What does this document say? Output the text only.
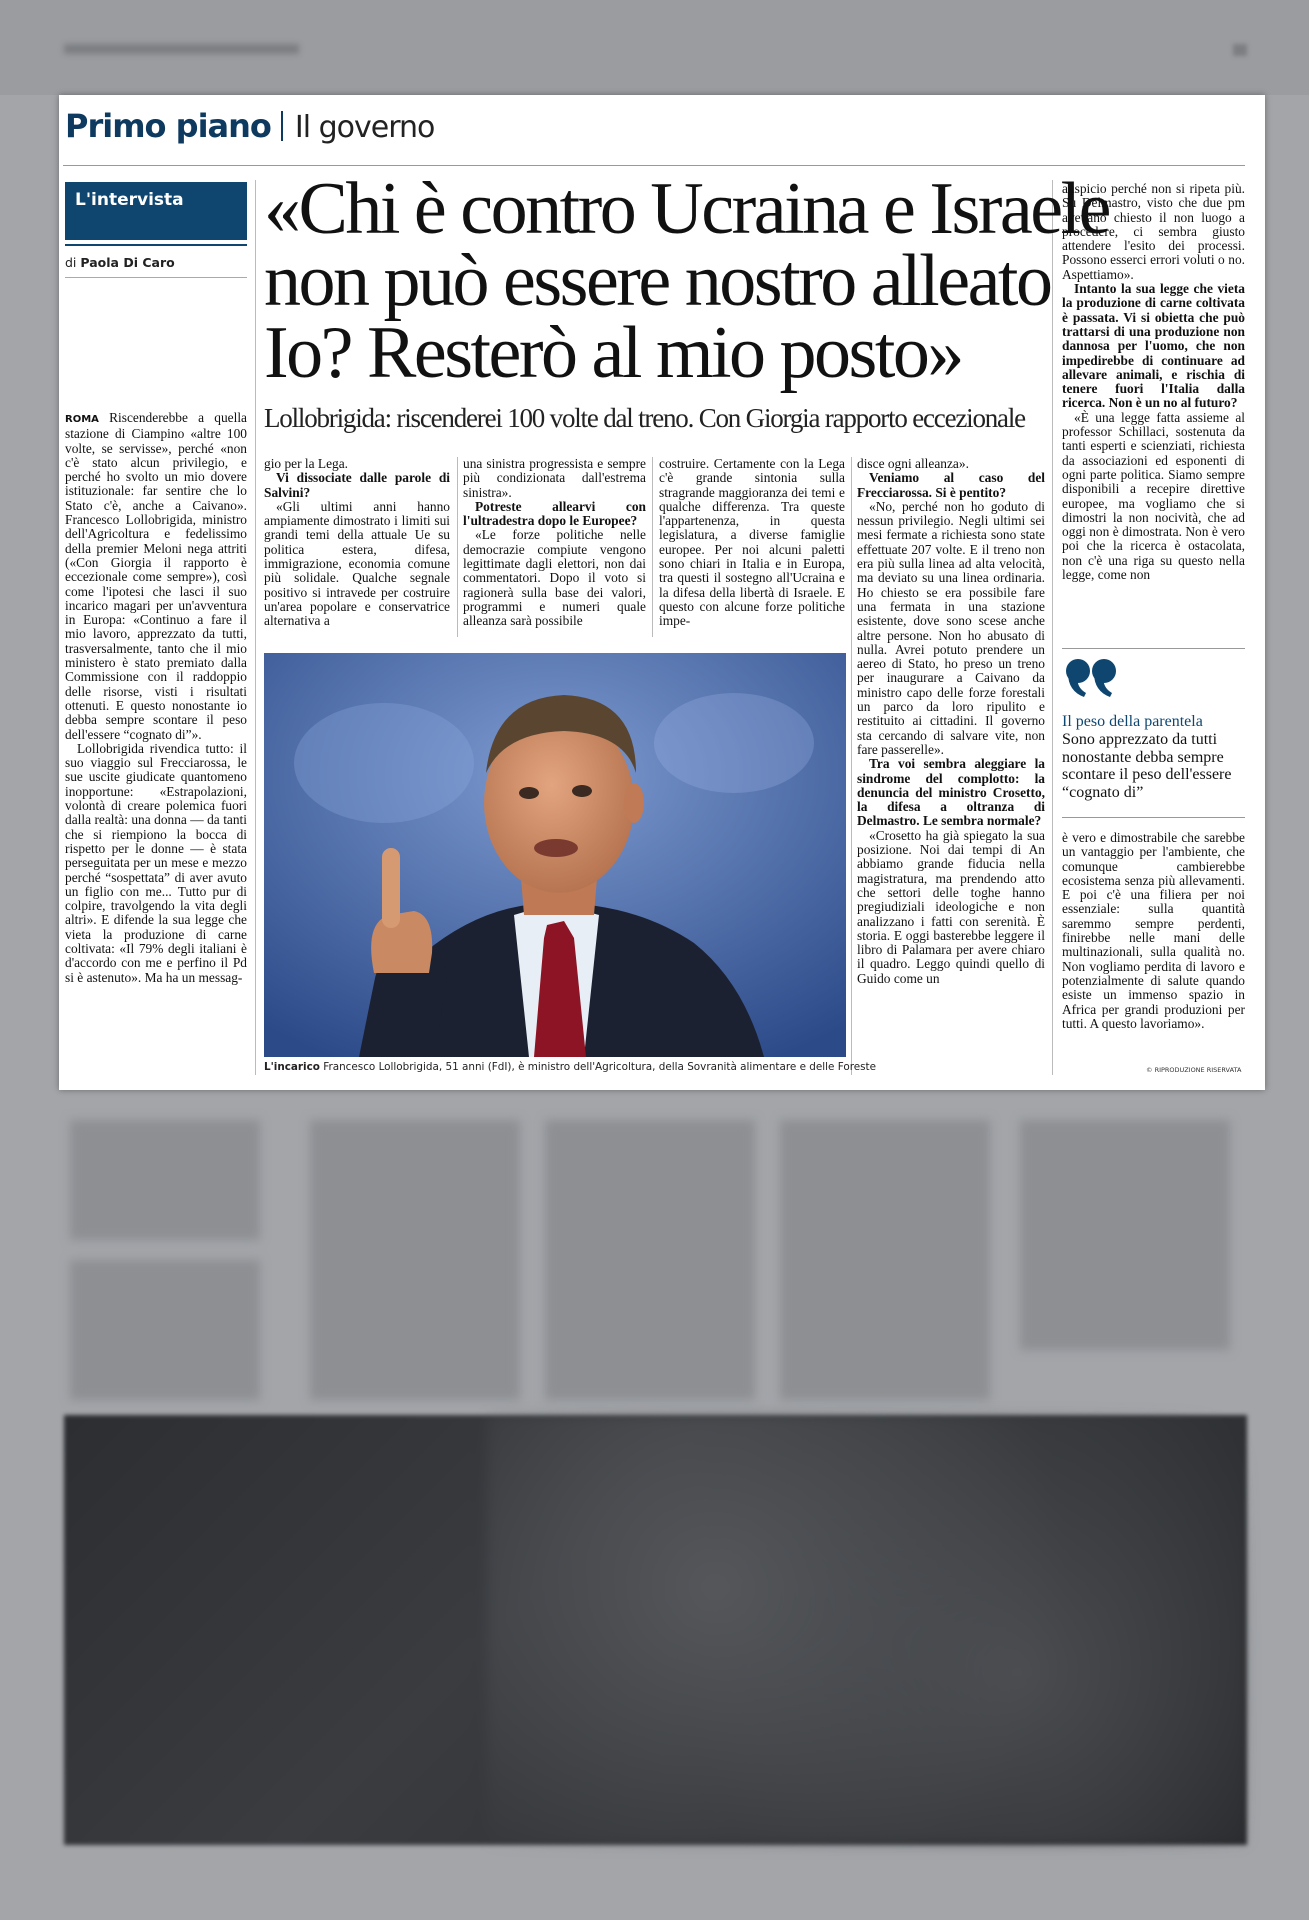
Primo piano Il governo
L'intervista
di Paola Di Caro
«Chi è contro Ucraina e Israele
non può essere nostro alleato
Io? Resterò al mio posto»
Lollobrigida: riscenderei 100 volte dal treno. Con Giorgia rapporto eccezionale

ROMA Riscenderebbe a quella stazione di Ciampino «altre 100 volte, se servisse», perché «non c'è stato alcun privilegio, e perché ho svolto un mio dovere istituzionale: far sentire che lo Stato c'è, anche a Caivano». Francesco Lollobrigida, ministro dell'Agricoltura e fedelissimo della premier Meloni nega attriti («Con Giorgia il rapporto è eccezionale come sempre»), così come l'ipotesi che lasci il suo incarico magari per un'avventura in Europa: «Continuo a fare il mio lavoro, apprezzato da tutti, trasversalmente, tanto che il mio ministero è stato premiato dalla Commissione con il raddoppio delle risorse, visti i risultati ottenuti. E questo nonostante io debba sempre scontare il peso dell'essere “cognato di”».

Lollobrigida rivendica tutto: il suo viaggio sul Frecciarossa, le sue uscite giudicate quantomeno inopportune: «Estrapolazioni, volontà di creare polemica fuori dalla realtà: una donna — da tanti che si riempiono la bocca di rispetto per le donne — è stata perseguitata per un mese e mezzo perché “sospettata” di aver avuto un figlio con me... Tutto pur di colpire, travolgendo la vita degli altri». E difende la sua legge che vieta la produzione di carne coltivata: «Il 79% degli italiani è d'accordo con me e perfino il Pd si è astenuto». Ma ha un messag-

gio per la Lega.

Vi dissociate dalle parole di Salvini?

«Gli ultimi anni hanno ampiamente dimostrato i limiti sui grandi temi della attuale Ue su politica estera, difesa, immigrazione, economia comune più solidale. Qualche segnale positivo si intravede per costruire un'area popolare e conservatrice alternativa a

una sinistra progressista e sempre più condizionata dall'estrema sinistra».

Potreste allearvi con l'ultradestra dopo le Europee?

«Le forze politiche nelle democrazie compiute vengono legittimate dagli elettori, non dai commentatori. Dopo il voto si ragionerà sulla base dei valori, programmi e numeri quale alleanza sarà possibile

costruire. Certamente con la Lega c'è grande sintonia sulla stragrande maggioranza dei temi e qualche differenza. Tra queste l'appartenenza, in questa legislatura, a diverse famiglie europee. Per noi alcuni paletti sono chiari in Italia e in Europa, tra questi il sostegno all'Ucraina e la difesa della libertà di Israele. E questo con alcune forze politiche impe-

L'incarico Francesco Lollobrigida, 51 anni (FdI), è ministro dell'Agricoltura, della Sovranità alimentare e delle Foreste

disce ogni alleanza».

Veniamo al caso del Frecciarossa. Si è pentito?

«No, perché non ho goduto di nessun privilegio. Negli ultimi sei mesi fermate a richiesta sono state effettuate 207 volte. E il treno non era più sulla linea ad alta velocità, ma deviato su una linea ordinaria. Ho chiesto se era possibile fare una fermata in una stazione esistente, dove sono scese anche altre persone. Non ho abusato di nulla. Avrei potuto prendere un aereo di Stato, ho preso un treno per inaugurare a Caivano da ministro capo delle forze forestali un parco da loro ripulito e restituito ai cittadini. Il governo sta cercando di salvare vite, non fare passerelle».

Tra voi sembra aleggiare la sindrome del complotto: la denuncia del ministro Crosetto, la difesa a oltranza di Delmastro. Le sembra normale?

«Crosetto ha già spiegato la sua posizione. Noi dai tempi di An abbiamo grande fiducia nella magistratura, ma prendendo atto che settori delle toghe hanno pregiudiziali ideologiche e non analizzano i fatti con serenità. È storia. E oggi basterebbe leggere il libro di Palamara per avere chiaro il quadro. Leggo quindi quello di Guido come un

auspicio perché non si ripeta più. Su Delmastro, visto che due pm avevano chiesto il non luogo a procedere, ci sembra giusto attendere l'esito dei processi. Possono esserci errori voluti o no. Aspettiamo».

Intanto la sua legge che vieta la produzione di carne coltivata è passata. Vi si obietta che può trattarsi di una produzione non dannosa per l'uomo, che non impedirebbe di continuare ad allevare animali, e rischia di tenere fuori l'Italia dalla ricerca. Non è un no al futuro?

«È una legge fatta assieme al professor Schillaci, sostenuta da tanti esperti e scienziati, richiesta da associazioni ed esponenti di ogni parte politica. Siamo sempre disponibili a recepire direttive europee, ma vogliamo che si dimostri la non nocività, che ad oggi non è dimostrata. Non è vero poi che la ricerca è ostacolata, non c'è una riga su questo nella legge, come non

Il peso della parentela
Sono apprezzato da tutti nonostante debba sempre scontare il peso dell'essere “cognato di”

è vero e dimostrabile che sarebbe un vantaggio per l'ambiente, che comunque cambierebbe ecosistema senza più allevamenti. E poi c'è una filiera per noi essenziale: sulla quantità saremmo sempre perdenti, finirebbe nelle mani delle multinazionali, sulla qualità no. Non vogliamo perdita di lavoro e potenzialmente di salute quando esiste un immenso spazio in Africa per grandi produzioni per tutti. A questo lavoriamo».

© RIPRODUZIONE RISERVATA
